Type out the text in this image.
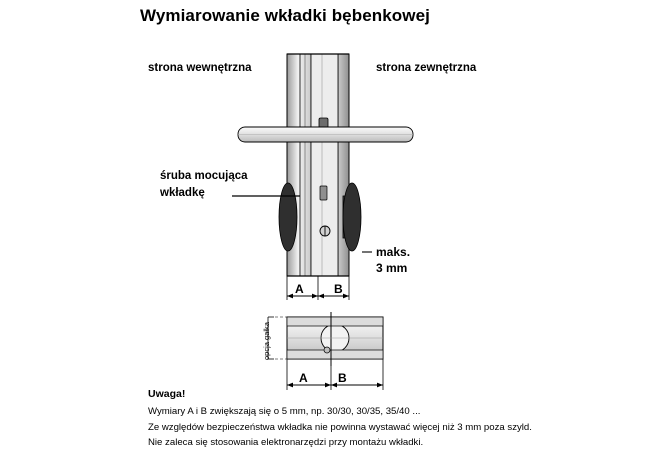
Wymiarowanie wkładki bębenkowej
strona wewnętrzna	strona zewnętrzna
śruba mocująca
wkładkę
maks.
3 mm
A	B
A	B
opcja gałka
Uwaga!
Wymiary A i B zwiększają się o 5 mm, np. 30/30, 30/35, 35/40 ...
Ze względów bezpieczeństwa wkładka nie powinna wystawać więcej niż 3 mm poza szyld.
Nie zaleca się stosowania elektronarzędzi przy montażu wkładki.
